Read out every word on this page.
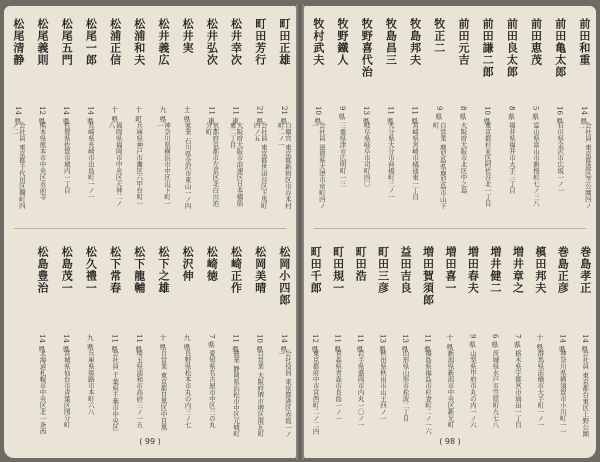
町田正雄
21 県
自衛官 東京都新宿区市谷本村町二ノ一
町田芳行
21 県
会社員 東京都世田谷区下馬町四ノ五
松井幸次
11 東
大阪府大阪市浪速区日本橋筋東二丁目
松井弘次
11 東
京都府京都市左京区北白川追分町
松井実
土 県
家業 石川県金沢市東山一ノ四
松井義広
九 県
神奈川県横浜市中区山下町一一
松浦和夫
十 町
兵庫県神戸市灘区六甲台町一
松浦正信
十 県
福岡県福岡市中央区天神二ノ八
松尾一郎
14 県
長崎県長崎市出島町一ノ一
松尾五門
14 県
佐賀県佐賀市城内一丁目
松尾義則
12 県
熊本県熊本市中央区水前寺
松尾清静
14 県
会社員 東京都千代田区麹町四ノ二
松岡小四郎
14 県
会社役員 東京都港区赤坂一ノ一
松岡美晴
10 県
自営業 大阪府堺市堺区南瓦町
松崎正作
11 県
農業 静岡県浜松市中区元城町
松崎徳
7 県
愛知県名古屋市中区三の丸
松沢伸
九 県
長野県松本市丸の内三ノ七
松下之雄
十 県
自営業 東京都目黒区中目黒
松下龍輔
11 県
埼玉県浦和市高砂三ノ一五
松下常春
11 県
会社員 千葉県千葉市中央区
松久禮一
九 県
兵庫県姫路市本町六八
松島茂一
14 県
宮城県仙台市青葉区国分町
松島豊治
14 県
北海道札幌市中央区北一条西
( 99 )
前田和重
14 県
会社員 東京都港区芝公園四ノ二
前田亀太郎
16 県
石川県金沢市広坂一ノ一
前田恵茂
5 県
富山県富山市新桜町七ノ三八
前田良太郎
8 県
福井県福井市大手三丁目
前田謙二郎
10 県
東京都杉並区阿佐谷北一丁目
前田元吉
8 県
大阪府大阪市北区中之島
牧正二
9 県
自営業 鹿児島県鹿児島市山下町
牧島邦夫
11 県
宮崎県宮崎市橘通東一丁目
牧島昌三
11 県
大分県大分市荷揚町三ノ一
牧野喜代治
13 県
岐阜県岐阜市司町四〇
牧野鐵人
9 県
三重県津市広明町一三
牧村武夫
10 県
会社員 滋賀県大津市京町四ノ一
巻島孝正
14 県
会社員 東京都台東区上野公園
巻島正彦
14 県
神奈川県横須賀市小川町一一
槙田邦夫
十 県
群馬県前橋市大手町一ノ一
増井章之
7 県
栃木県宇都宮市塙田一丁目
増井健二
6 県
茨城県水戸市笠原町九七八
増田春夫
9 県
山梨県甲府市丸の内一ノ六
増田喜一
十 県
新潟県新潟市中央区新光町
増田賀須郎
11 県
福島県福島市杉妻町二ノ一六
益田吉良
13 県
山形県山形市松波二丁目
町田三彦
13 県
秋田県秋田市山王四ノ一
町田浩
11 県
岩手県盛岡市内丸一〇ノ一
町田規一
11 県
青森県青森市長島一ノ一
町田千郎
12 県
東京都府中市宮西町二ノ二四
( 98 )
